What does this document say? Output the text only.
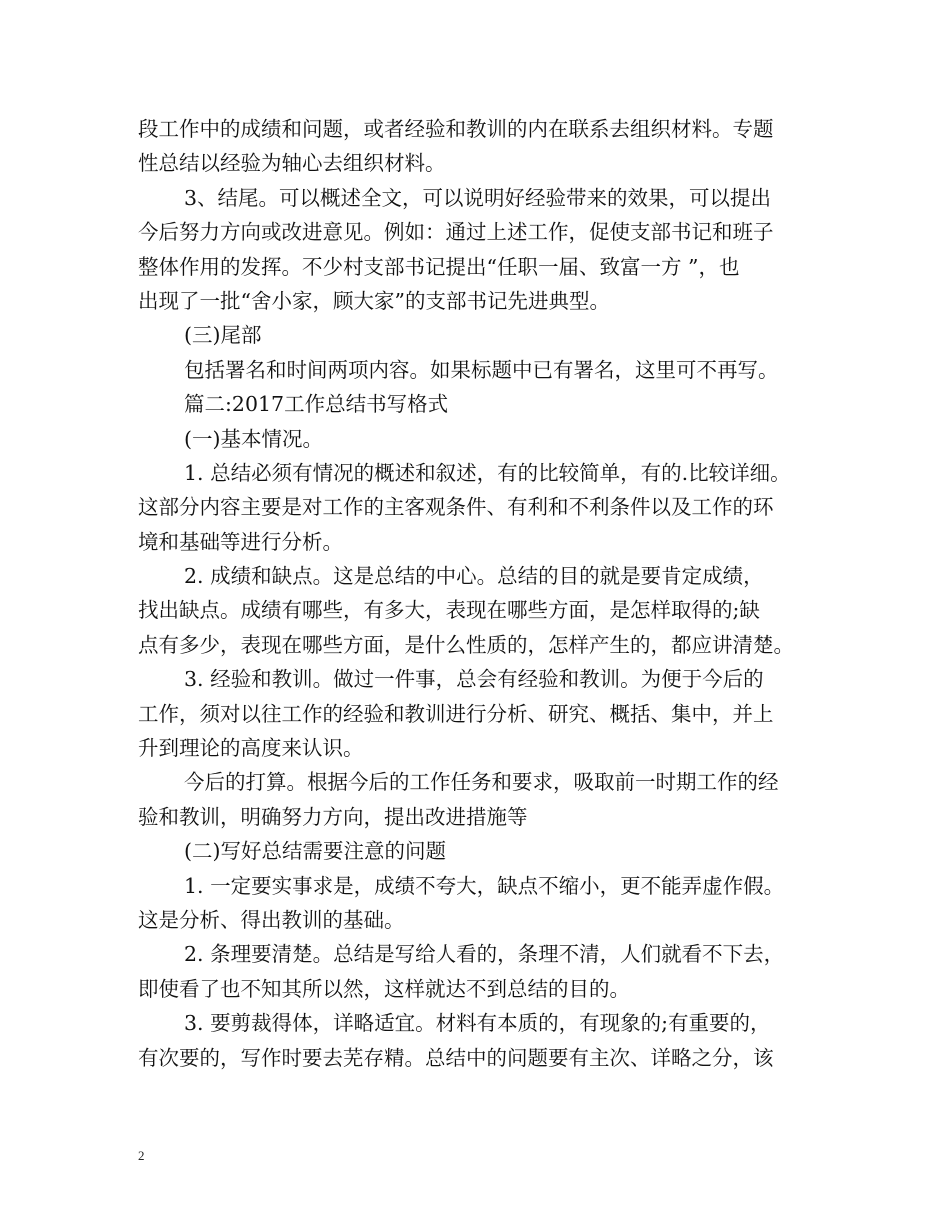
段工作中的成绩和问题，或者经验和教训的内在联系去组织材料。专题
性总结以经验为轴心去组织材料。
3、结尾。可以概述全文，可以说明好经验带来的效果，可以提出
今后努力方向或改进意见。例如：通过上述工作，促使支部书记和班子
整体作用的发挥。不少村支部书记提出“任职一届、致富一方 ”，也
出现了一批“舍小家，顾大家”的支部书记先进典型。
(三)尾部
包括署名和时间两项内容。如果标题中已有署名，这里可不再写。
篇二:2017工作总结书写格式
(一)基本情况。
1. 总结必须有情况的概述和叙述，有的比较简单，有的.比较详细。
这部分内容主要是对工作的主客观条件、有利和不利条件以及工作的环
境和基础等进行分析。
2. 成绩和缺点。这是总结的中心。总结的目的就是要肯定成绩，
找出缺点。成绩有哪些，有多大，表现在哪些方面，是怎样取得的;缺
点有多少，表现在哪些方面，是什么性质的，怎样产生的，都应讲清楚。
3. 经验和教训。做过一件事，总会有经验和教训。为便于今后的
工作，须对以往工作的经验和教训进行分析、研究、概括、集中，并上
升到理论的高度来认识。
今后的打算。根据今后的工作任务和要求，吸取前一时期工作的经
验和教训，明确努力方向，提出改进措施等
(二)写好总结需要注意的问题
1. 一定要实事求是，成绩不夸大，缺点不缩小，更不能弄虚作假。
这是分析、得出教训的基础。
2. 条理要清楚。总结是写给人看的，条理不清，人们就看不下去，
即使看了也不知其所以然，这样就达不到总结的目的。
3. 要剪裁得体，详略适宜。材料有本质的，有现象的;有重要的，
有次要的，写作时要去芜存精。总结中的问题要有主次、详略之分，该
2
